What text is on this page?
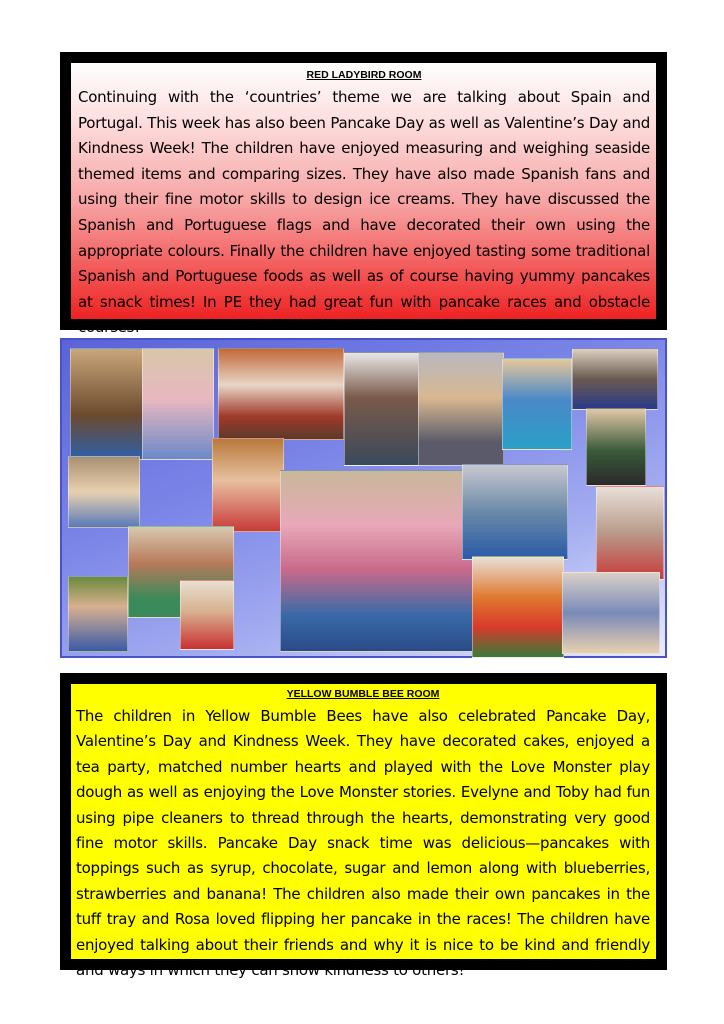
RED LADYBIRD ROOM

Continuing with the ‘countries’ theme we are talking about Spain and Portugal. This week has also been Pancake Day as well as Valentine’s Day and Kindness Week! The children have enjoyed measuring and weighing seaside themed items and comparing sizes. They have also made Spanish fans and using their fine motor skills to design ice creams. They have discussed the Spanish and Portuguese flags and have decorated their own using the appropriate colours. Finally the children have enjoyed tasting some traditional Spanish and Portuguese foods as well as of course having yummy pancakes at snack times! In PE they had great fun with pancake races and obstacle courses!

YELLOW BUMBLE BEE ROOM

The children in Yellow Bumble Bees have also celebrated Pancake Day, Valentine’s Day and Kindness Week. They have decorated cakes, enjoyed a tea party, matched number hearts and played with the Love Monster play dough as well as enjoying the Love Monster stories. Evelyne and Toby had fun using pipe cleaners to thread through the hearts, demonstrating very good fine motor skills. Pancake Day snack time was delicious—pancakes with toppings such as syrup, chocolate, sugar and lemon along with blueberries, strawberries and banana! The children also made their own pancakes in the tuff tray and Rosa loved flipping her pancake in the races! The children have enjoyed talking about their friends and why it is nice to be kind and friendly and ways in which they can show kindness to others!
